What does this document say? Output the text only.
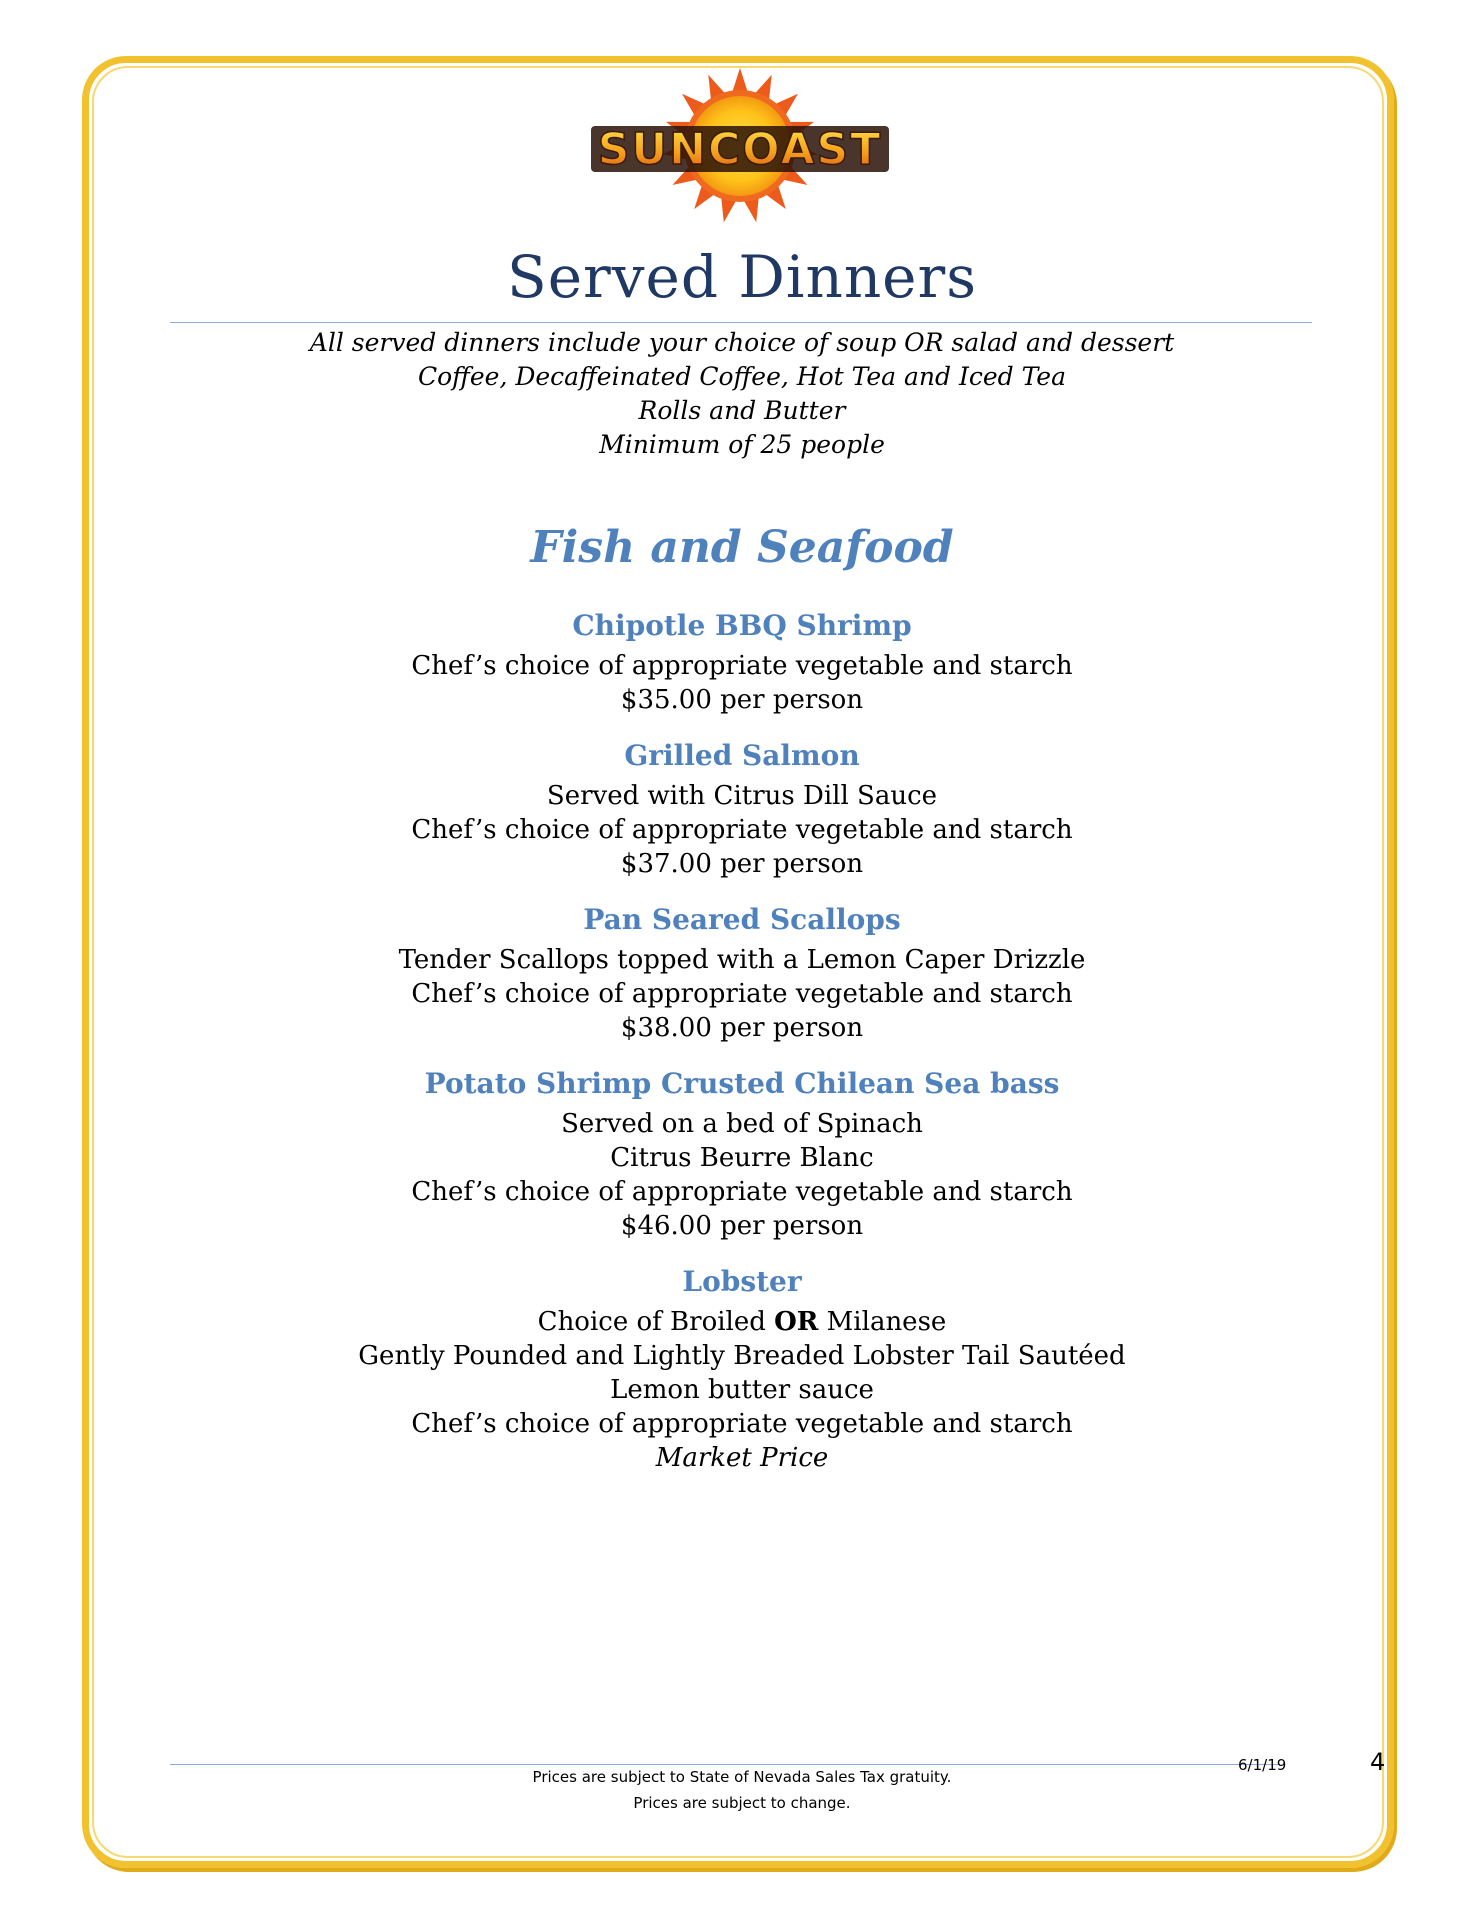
SUNCOAST
Served Dinners
All served dinners include your choice of soup OR salad and dessert
Coffee, Decaffeinated Coffee, Hot Tea and Iced Tea
Rolls and Butter
Minimum of 25 people
Fish and Seafood
Chipotle BBQ Shrimp
Chef’s choice of appropriate vegetable and starch
$35.00 per person
Grilled Salmon
Served with Citrus Dill Sauce
Chef’s choice of appropriate vegetable and starch
$37.00 per person
Pan Seared Scallops
Tender Scallops topped with a Lemon Caper Drizzle
Chef’s choice of appropriate vegetable and starch
$38.00 per person
Potato Shrimp Crusted Chilean Sea bass
Served on a bed of Spinach
Citrus Beurre Blanc
Chef’s choice of appropriate vegetable and starch
$46.00 per person
Lobster
Choice of Broiled OR Milanese
Gently Pounded and Lightly Breaded Lobster Tail Sautéed
Lemon butter sauce
Chef’s choice of appropriate vegetable and starch
Market Price
Prices are subject to State of Nevada Sales Tax gratuity.
Prices are subject to change.
6/1/19	4
